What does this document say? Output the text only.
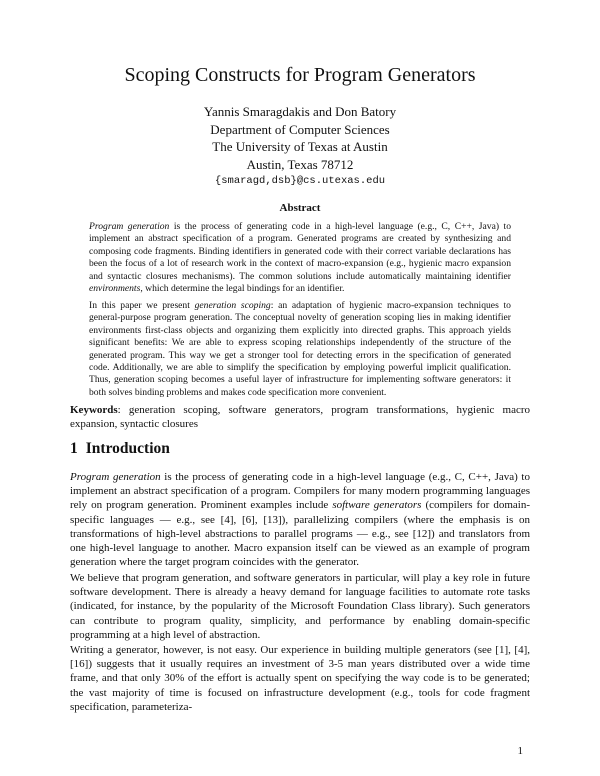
Scoping Constructs for Program Generators
Yannis Smaragdakis and Don Batory
Department of Computer Sciences
The University of Texas at Austin
Austin, Texas 78712
{smaragd,dsb}@cs.utexas.edu
Abstract

Program generation is the process of generating code in a high-level language (e.g., C, C++, Java) to implement an abstract specification of a program. Generated programs are created by synthesizing and composing code fragments. Binding identifiers in generated code with their correct variable declarations has been the focus of a lot of research work in the context of macro-expansion (e.g., hygienic macro expansion and syntactic closures mechanisms). The common solutions include automatically maintaining identifier environments, which determine the legal bindings for an identifier.

In this paper we present generation scoping: an adaptation of hygienic macro-expansion techniques to general-purpose program generation. The conceptual novelty of generation scoping lies in making identifier environments first-class objects and organizing them explicitly into directed graphs. This approach yields significant benefits: We are able to express scoping relationships independently of the structure of the generated program. This way we get a stronger tool for detecting errors in the specification of generated code. Additionally, we are able to simplify the specification by employing powerful implicit qualification. Thus, generation scoping becomes a useful layer of infrastructure for implementing software generators: it both solves binding problems and makes code specification more convenient.

Keywords: generation scoping, software generators, program transformations, hygienic macro expansion, syntactic closures

1 Introduction

Program generation is the process of generating code in a high-level language (e.g., C, C++, Java) to implement an abstract specification of a program. Compilers for many modern programming languages rely on program generation. Prominent examples include software generators (compilers for domain-specific languages — e.g., see [4], [6], [13]), parallelizing compilers (where the emphasis is on transformations of high-level abstractions to parallel programs — e.g., see [12]) and translators from one high-level language to another. Macro expansion itself can be viewed as an example of program generation where the target program coincides with the generator.

We believe that program generation, and software generators in particular, will play a key role in future software development. There is already a heavy demand for language facilities to automate rote tasks (indicated, for instance, by the popularity of the Microsoft Foundation Class library). Such generators can contribute to program quality, simplicity, and performance by enabling domain-specific programming at a high level of abstraction.

Writing a generator, however, is not easy. Our experience in building multiple generators (see [1], [4], [16]) suggests that it usually requires an investment of 3-5 man years distributed over a wide time frame, and that only 30% of the effort is actually spent on specifying the way code is to be generated; the vast majority of time is focused on infrastructure development (e.g., tools for code fragment specification, parameteriza-

1
